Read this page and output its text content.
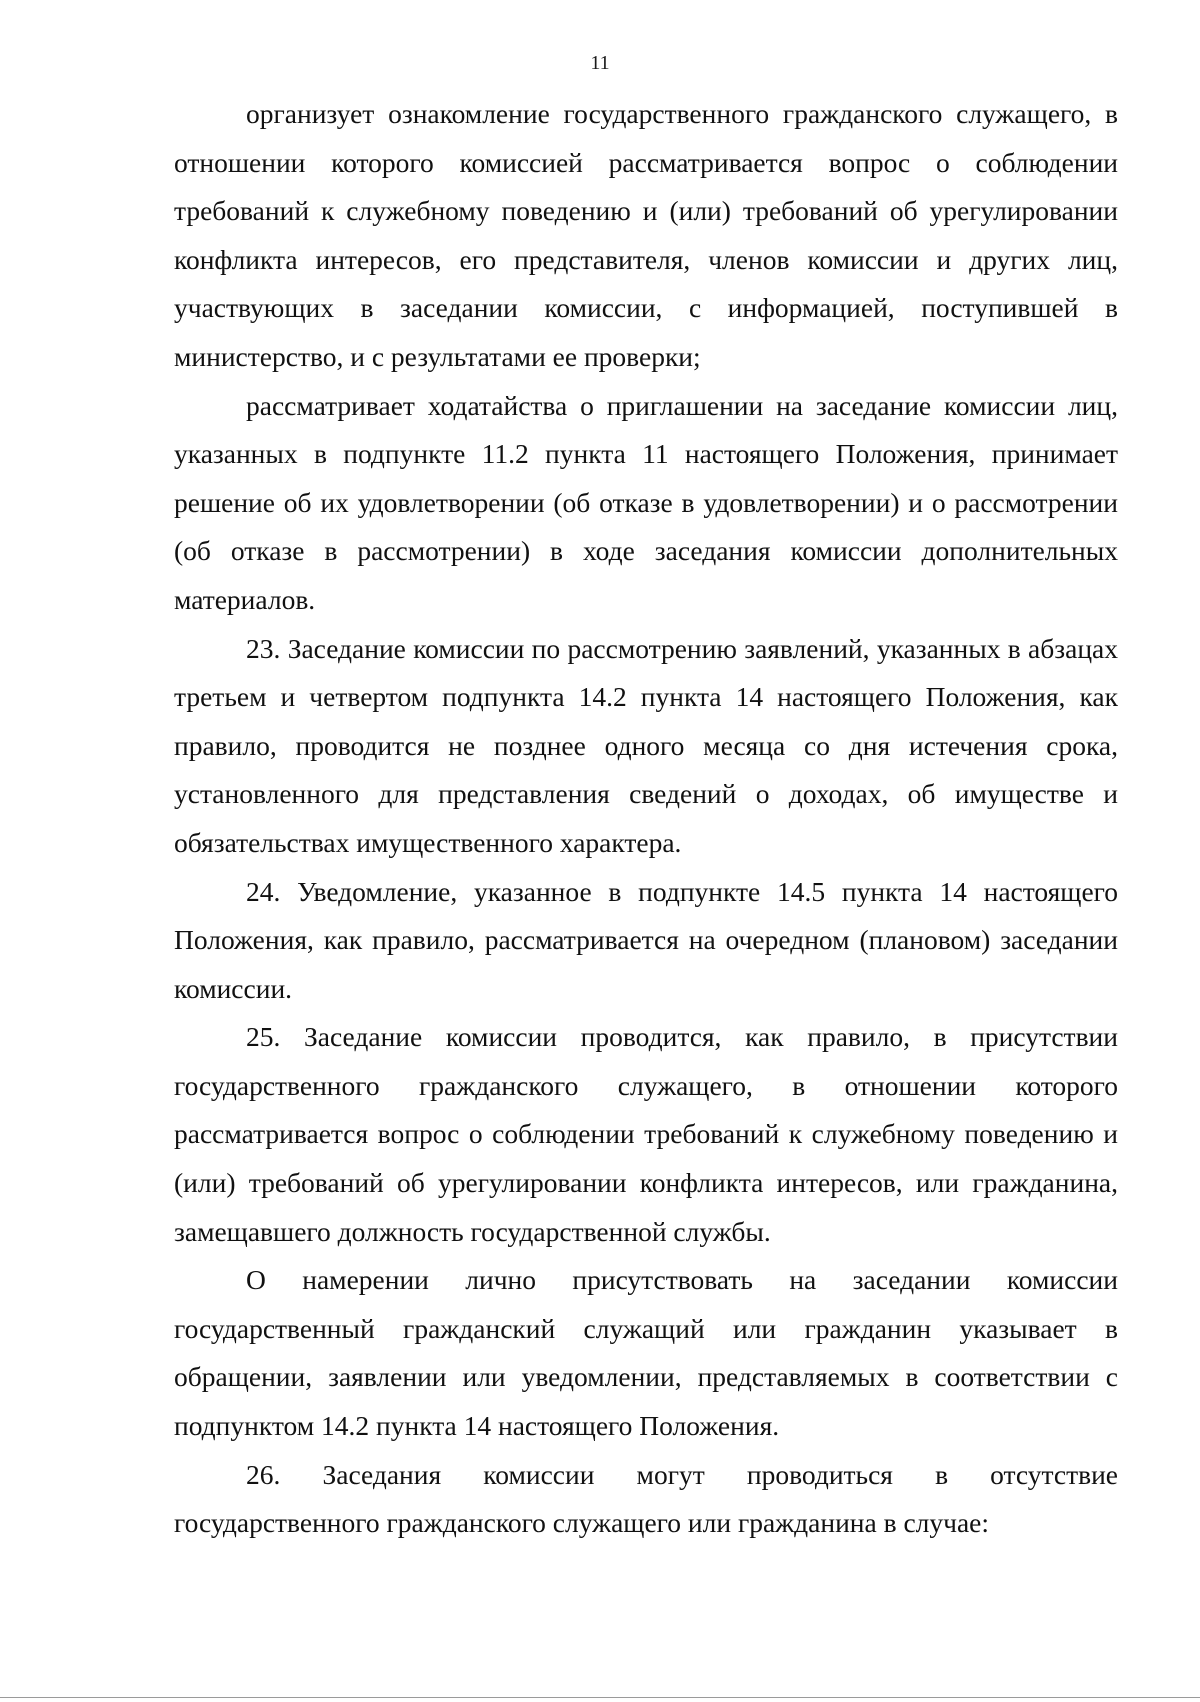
11

организует ознакомление государственного гражданского служащего, в отношении которого комиссией рассматривается вопрос о соблюдении требований к служебному поведению и (или) требований об урегулировании конфликта интересов, его представителя, членов комиссии и других лиц, участвующих в заседании комиссии, с информацией, поступившей в министерство, и с результатами ее проверки;

рассматривает ходатайства о приглашении на заседание комиссии лиц, указанных в подпункте 11.2 пункта 11 настоящего Положения, принимает решение об их удовлетворении (об отказе в удовлетворении) и о рассмотрении (об отказе в рассмотрении) в ходе заседания комиссии дополнительных материалов.

23. Заседание комиссии по рассмотрению заявлений, указанных в абзацах третьем и четвертом подпункта 14.2 пункта 14 настоящего Положения, как правило, проводится не позднее одного месяца со дня истечения срока, установленного для представления сведений о доходах, об имуществе и обязательствах имущественного характера.

24. Уведомление, указанное в подпункте 14.5 пункта 14 настоящего Положения, как правило, рассматривается на очередном (плановом) заседании комиссии.

25. Заседание комиссии проводится, как правило, в присутствии государственного гражданского служащего, в отношении которого рассматривается вопрос о соблюдении требований к служебному поведению и (или) требований об урегулировании конфликта интересов, или гражданина, замещавшего должность государственной службы.

О намерении лично присутствовать на заседании комиссии государственный гражданский служащий или гражданин указывает в обращении, заявлении или уведомлении, представляемых в соответствии с подпунктом 14.2 пункта 14 настоящего Положения.

26. Заседания комиссии могут проводиться в отсутствие государственного гражданского служащего или гражданина в случае:
